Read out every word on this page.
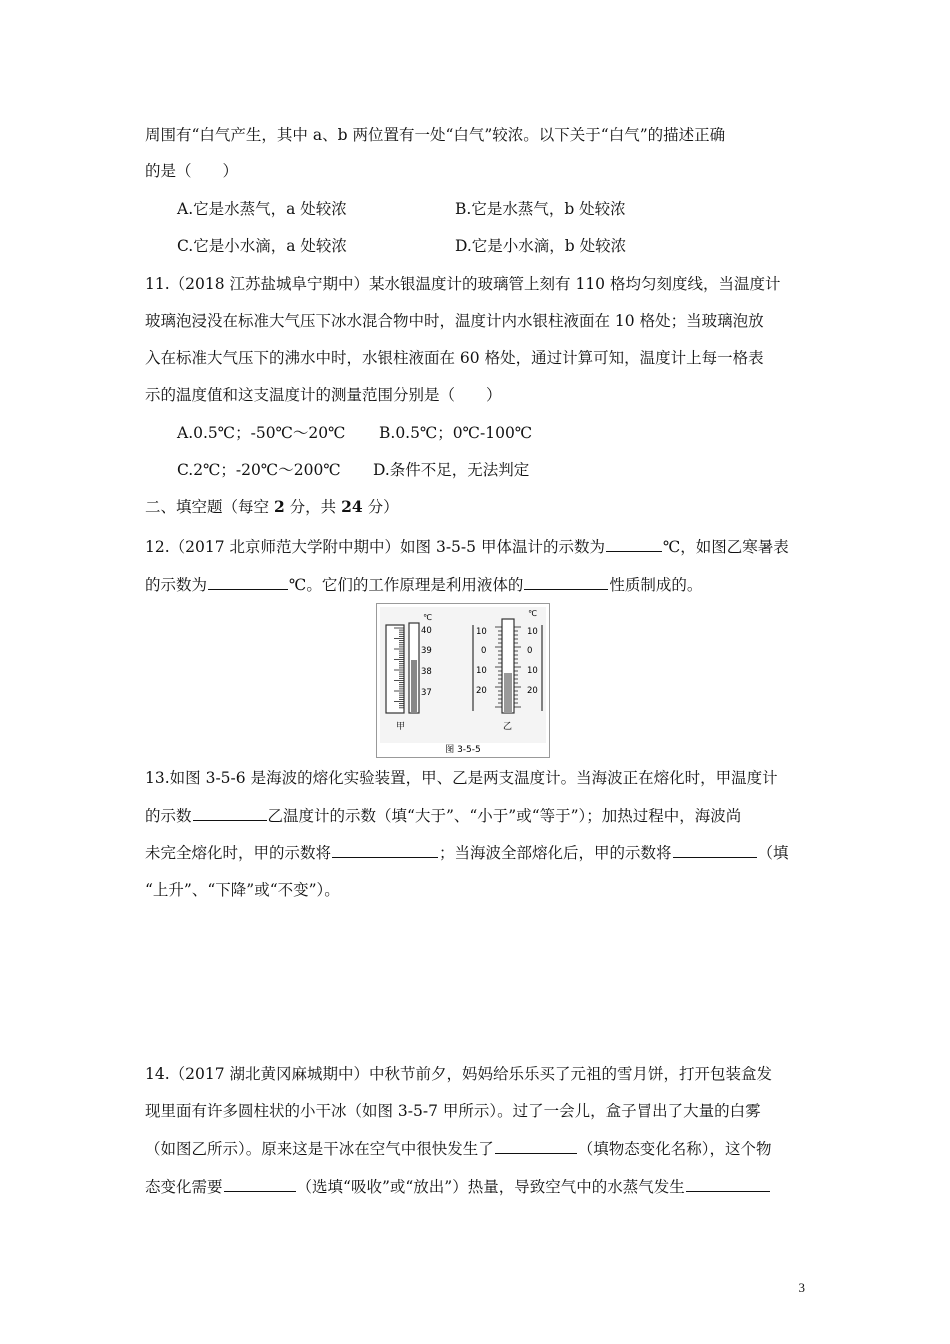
周围有“白气产生，其中 a、b 两位置有一处“白气”较浓。以下关于“白气”的描述正确
的是（　　）
A.它是水蒸气，a 处较浓	B.它是水蒸气，b 处较浓
C.它是小水滴，a 处较浓	D.它是小水滴，b 处较浓
11.（2018 江苏盐城阜宁期中）某水银温度计的玻璃管上刻有 110 格均匀刻度线，当温度计
玻璃泡浸没在标准大气压下冰水混合物中时，温度计内水银柱液面在 10 格处；当玻璃泡放
入在标准大气压下的沸水中时，水银柱液面在 60 格处，通过计算可知，温度计上每一格表
示的温度值和这支温度计的测量范围分别是（　　）
A.0.5℃；-50℃～20℃ B.0.5℃；0℃-100℃
C.2℃；-20℃～200℃ D.条件不足，无法判定
二、填空题（每空 2 分，共 24 分）
12.（2017 北京师范大学附中期中）如图 3-5-5 甲体温计的示数为	℃，如图乙寒暑表
的示数为	℃。它们的工作原理是利用液体的	性质制成的。
℃
40
39
38
37
甲
℃
10
0
10
20
10
0
10
20
乙
图 3-5-5
13.如图 3-5-6 是海波的熔化实验装置，甲、乙是两支温度计。当海波正在熔化时，甲温度计
的示数	乙温度计的示数（填“大于”、“小于”或“等于”）；加热过程中，海波尚
未完全熔化时，甲的示数将	；当海波全部熔化后，甲的示数将	（填
“上升”、“下降”或“不变”）。
14.（2017 湖北黄冈麻城期中）中秋节前夕，妈妈给乐乐买了元祖的雪月饼，打开包装盒发
现里面有许多圆柱状的小干冰（如图 3-5-7 甲所示）。过了一会儿，盒子冒出了大量的白雾
（如图乙所示）。原来这是干冰在空气中很快发生了	（填物态变化名称），这个物
态变化需要	（选填“吸收”或“放出”）热量，导致空气中的水蒸气发生
3
